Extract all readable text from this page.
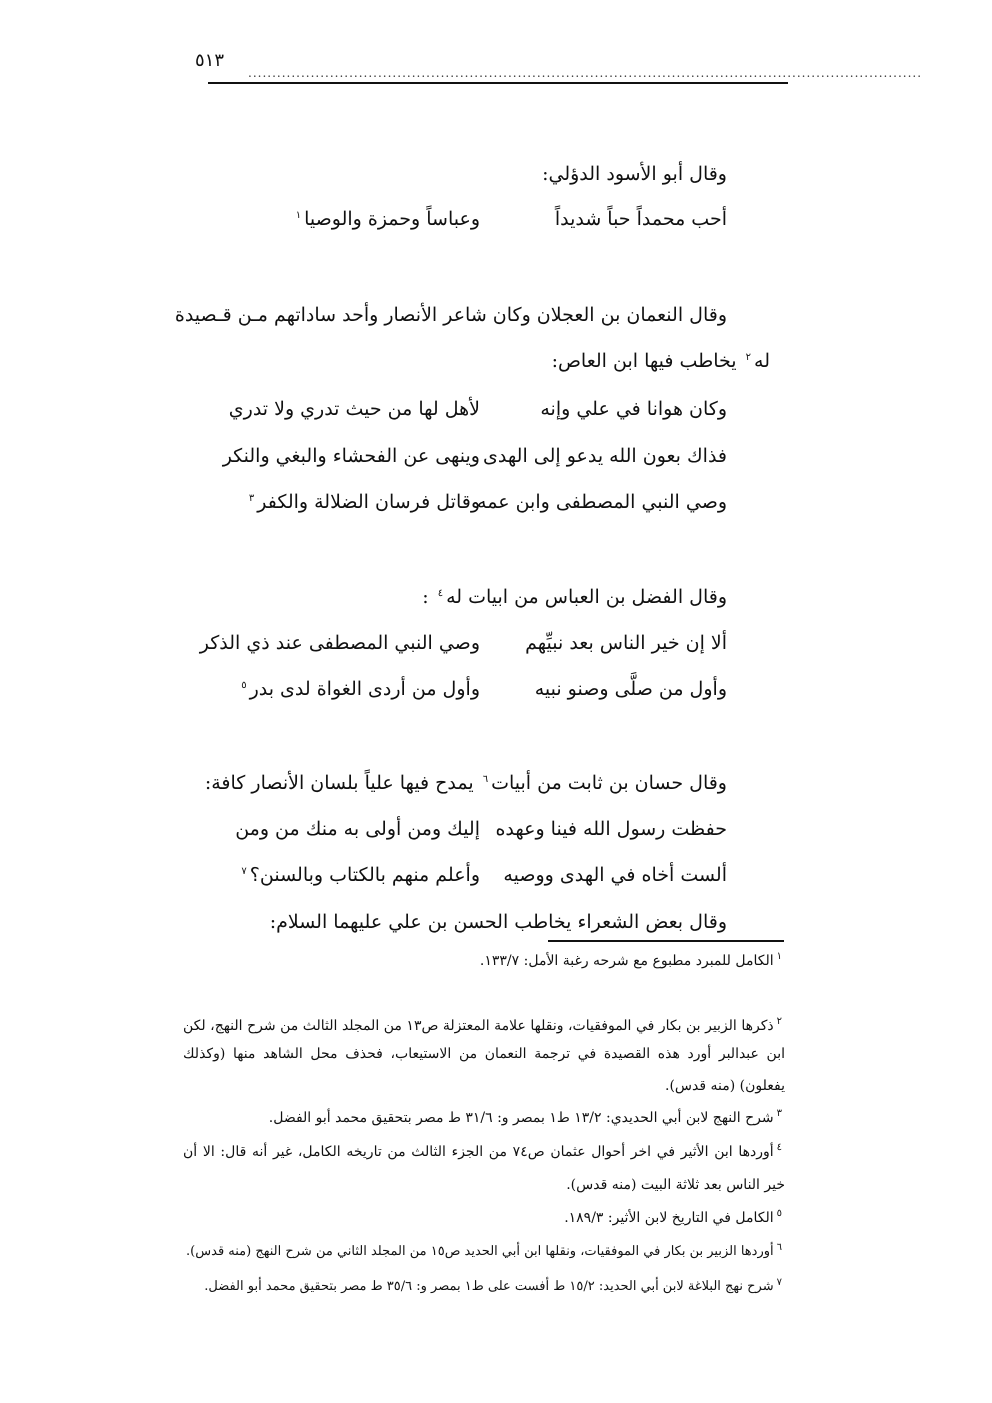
٥١٣
............................................................................................................................................
وقال أبو الأسود الدؤلي:
أحب محمداً حباً شديداً
وعباساً وحمزة والوصيا$^١$
وقال النعمان بن العجلان وكان شاعر الأنصار وأحد ساداتهم مـن قـصيدة
له$^٢$ يخاطب فيها ابن العاص:
وكان هوانا في علي وإنه
لأهل لها من حيث تدري ولا تدري
فذاك بعون الله يدعو إلى الهدى
وينهى عن الفحشاء والبغي والنكر
وصي النبي المصطفى وابن عمه
وقاتل فرسان الضلالة والكفر$^٣$
وقال الفضل بن العباس من ابيات له$^٤$ :
ألا إن خير الناس بعد نبيِّهم
وصي النبي المصطفى عند ذي الذكر
وأول من صلَّى وصنو نبيه
وأول من أردى الغواة لدى بدر$^٥$
وقال حسان بن ثابت من أبيات$^٦$ يمدح فيها علياً بلسان الأنصار كافة:
حفظت رسول الله فينا وعهده
إليك ومن أولى به منك من ومن
ألست أخاه في الهدى ووصيه
وأعلم منهم بالكتاب وبالسنن؟$^٧$
وقال بعض الشعراء يخاطب الحسن بن علي عليهما السلام:
$^١$الكامل للمبرد مطبوع مع شرحه رغبة الأمل: ١٣٣/٧.
$^٢$ذكرها الزبير بن بكار في الموفقيات، ونقلها علامة المعتزلة ص١٣ من المجلد الثالث من شرح النهج، لكن
ابن عبدالبر أورد هذه القصيدة في ترجمة النعمان من الاستيعاب، فحذف محل الشاهد منها (وكذلك
يفعلون) (منه قدس).
$^٣$شرح النهج لابن أبي الحديدي: ١٣/٢ ط١ بمصر و: ٣١/٦ ط مصر بتحقيق محمد أبو الفضل.
$^٤$أوردها ابن الأثير في اخر أحوال عثمان ص٧٤ من الجزء الثالث من تاريخه الكامل، غير أنه قال: الا أن
خير الناس بعد ثلاثة البيت (منه قدس).
$^٥$الكامل في التاريخ لابن الأثير: ١٨٩/٣.
$^٦$أوردها الزبير بن بكار في الموفقيات، ونقلها ابن أبي الحديد ص١٥ من المجلد الثاني من شرح النهج (منه قدس).
$^٧$شرح نهج البلاغة لابن أبي الحديد: ١٥/٢ ط أفست على ط١ بمصر و: ٣٥/٦ ط مصر بتحقيق محمد أبو الفضل.
